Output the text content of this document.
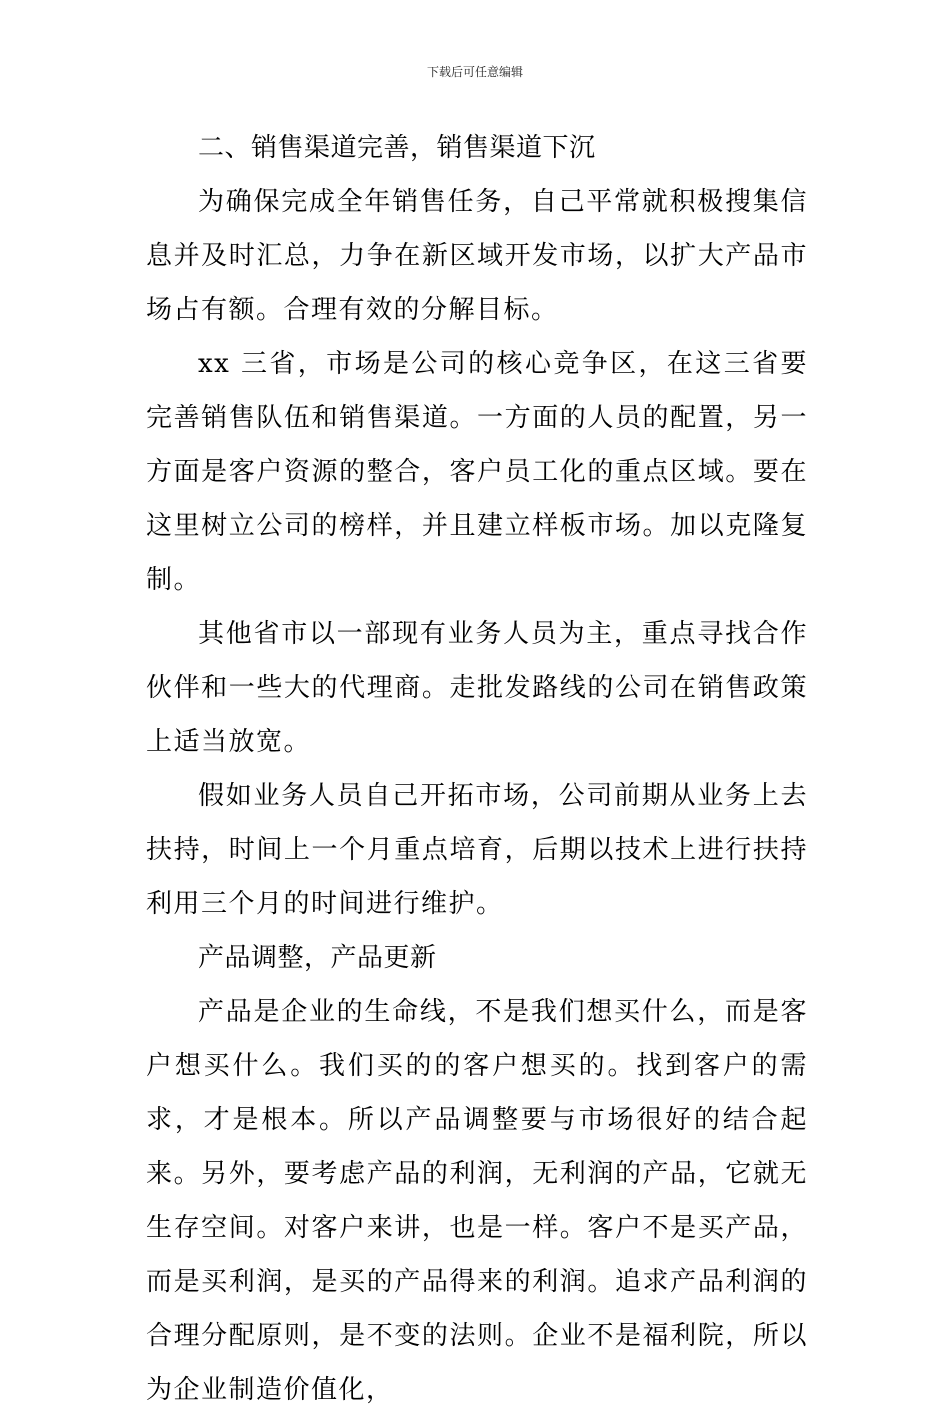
下载后可任意编辑

二、销售渠道完善，销售渠道下沉

为确保完成全年销售任务，自己平常就积极搜集信息并及时汇总，力争在新区域开发市场，以扩大产品市场占有额。合理有效的分解目标。

xx 三省，市场是公司的核心竞争区，在这三省要完善销售队伍和销售渠道。一方面的人员的配置，另一方面是客户资源的整合，客户员工化的重点区域。要在这里树立公司的榜样，并且建立样板市场。加以克隆复制。

其他省市以一部现有业务人员为主，重点寻找合作伙伴和一些大的代理商。走批发路线的公司在销售政策上适当放宽。

假如业务人员自己开拓市场，公司前期从业务上去扶持，时间上一个月重点培育，后期以技术上进行扶持利用三个月的时间进行维护。

产品调整，产品更新

产品是企业的生命线，不是我们想买什么，而是客户想买什么。我们买的的客户想买的。找到客户的需求，才是根本。所以产品调整要与市场很好的结合起来。另外，要考虑产品的利润，无利润的产品，它就无生存空间。对客户来讲，也是一样。客户不是买产品，而是买利润，是买的产品得来的利润。追求产品利润的合理分配原则，是不变的法则。企业不是福利院，所以为企业制造价值化，
